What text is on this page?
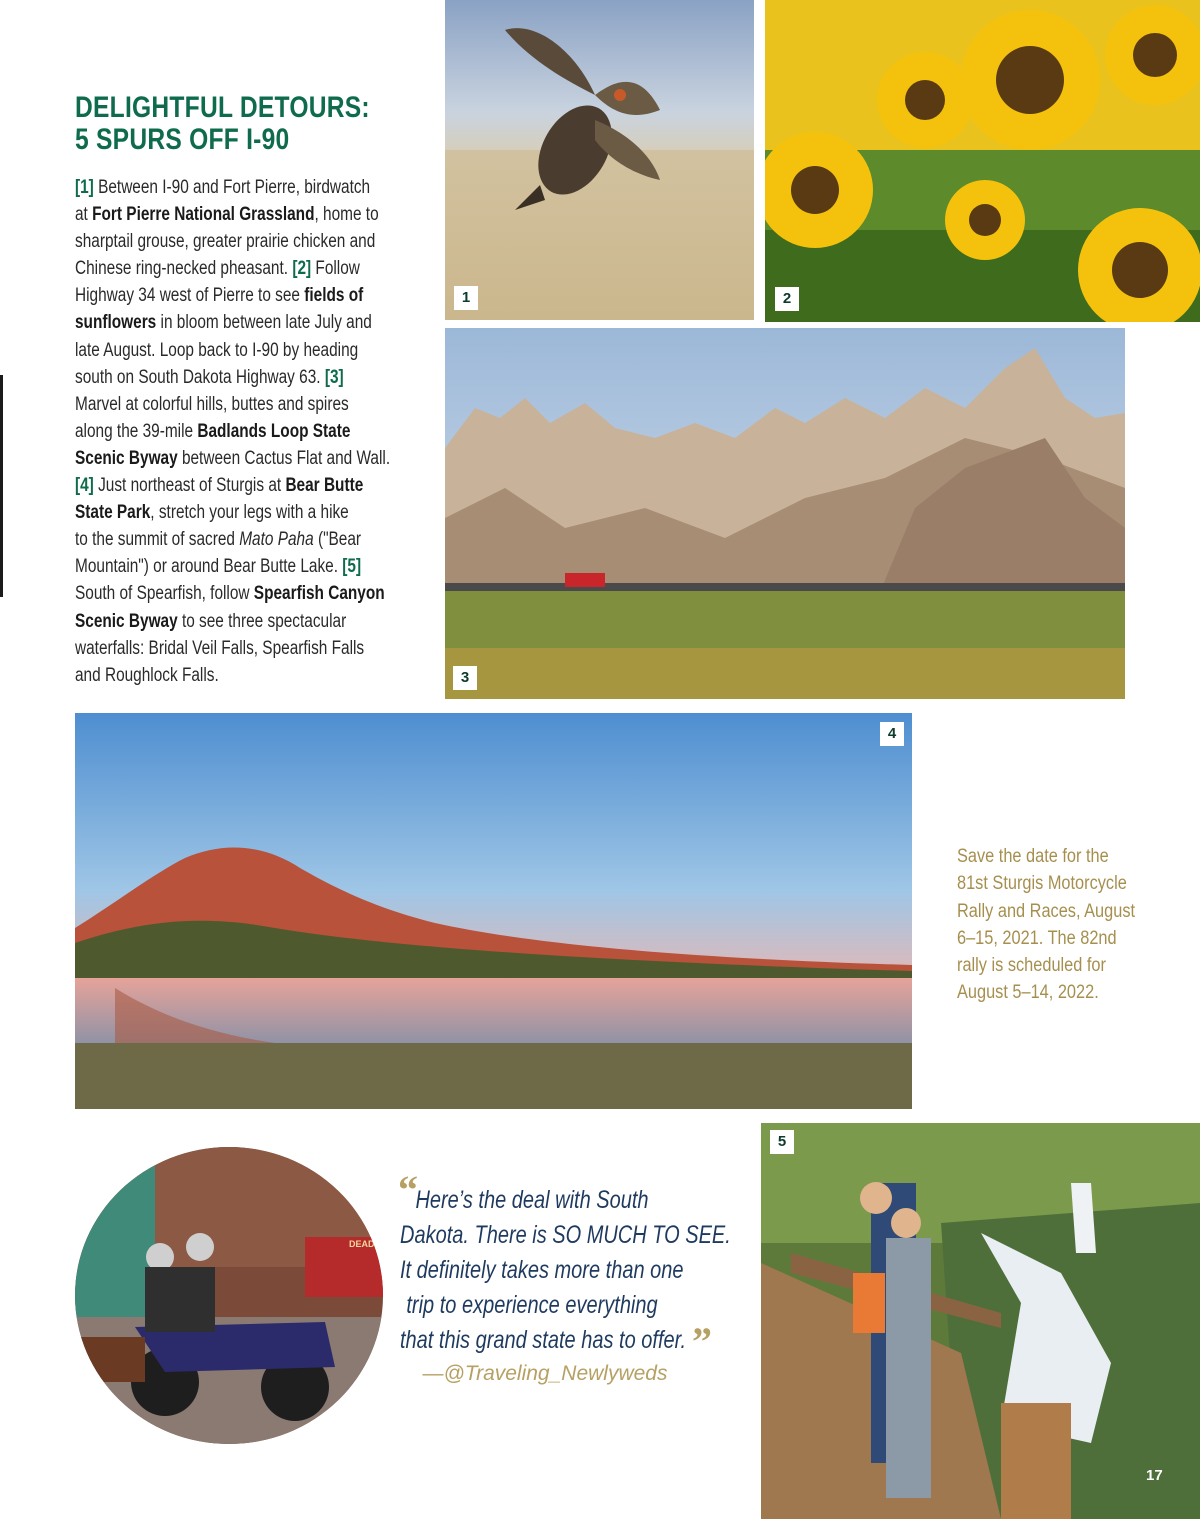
DELIGHTFUL DETOURS:
5 SPURS OFF I-90
[1] Between I-90 and Fort Pierre, birdwatch
at Fort Pierre National Grassland, home to
sharptail grouse, greater prairie chicken and
Chinese ring-necked pheasant. [2] Follow
Highway 34 west of Pierre to see fields of
sunflowers in bloom between late July and
late August. Loop back to I-90 by heading
south on South Dakota Highway 63. [3]
Marvel at colorful hills, buttes and spires
along the 39-mile Badlands Loop State
Scenic Byway between Cactus Flat and Wall.
[4] Just northeast of Sturgis at Bear Butte
State Park, stretch your legs with a hike
to the summit of sacred Mato Paha ("Bear
Mountain") or around Bear Butte Lake. [5]
South of Spearfish, follow Spearfish Canyon
Scenic Byway to see three spectacular
waterfalls: Bridal Veil Falls, Spearfish Falls
and Roughlock Falls.
1	2
3
4
Save the date for the
81st Sturgis Motorcycle
Rally and Races, August
6–15, 2021. The 82nd
rally is scheduled for
August 5–14, 2022.
DEADW
“
”
Here’s the deal with South
Dakota. There is SO MUCH TO SEE.
It definitely takes more than one
trip to experience everything
that this grand state has to offer.
—@Traveling_Newlyweds
5
17
